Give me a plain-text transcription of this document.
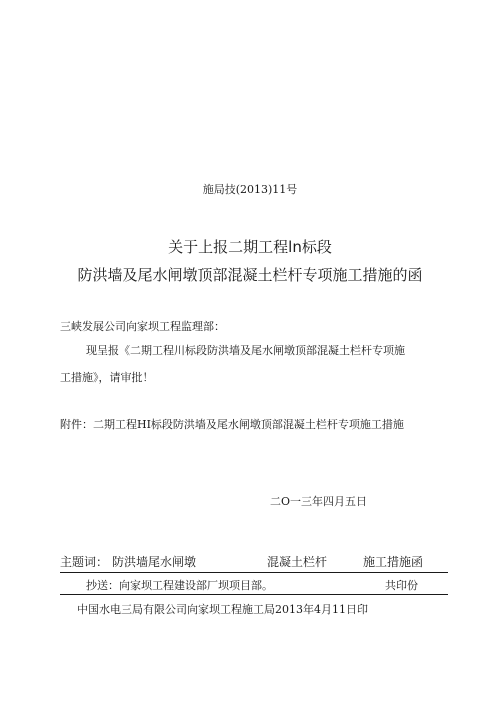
施局技(2013)11号
关于上报二期工程ln标段
防洪墙及尾水闸墩顶部混凝土栏杆专项施工措施的函
三峡发展公司向家坝工程监理部：
现呈报《二期工程川标段防洪墙及尾水闸墩顶部混凝土栏杆专项施
工措施》，请审批！
附件：二期工程HI标段防洪墙及尾水闸墩顶部混凝土栏杆专项施工措施
二O一三年四月五日
主题词： 防洪墙尾水闸墩	混凝土栏杆	施工措施函
抄送：向家坝工程建设部厂坝项目部。	共印份
中国水电三局有限公司向家坝工程施工局2013年4月11日印
